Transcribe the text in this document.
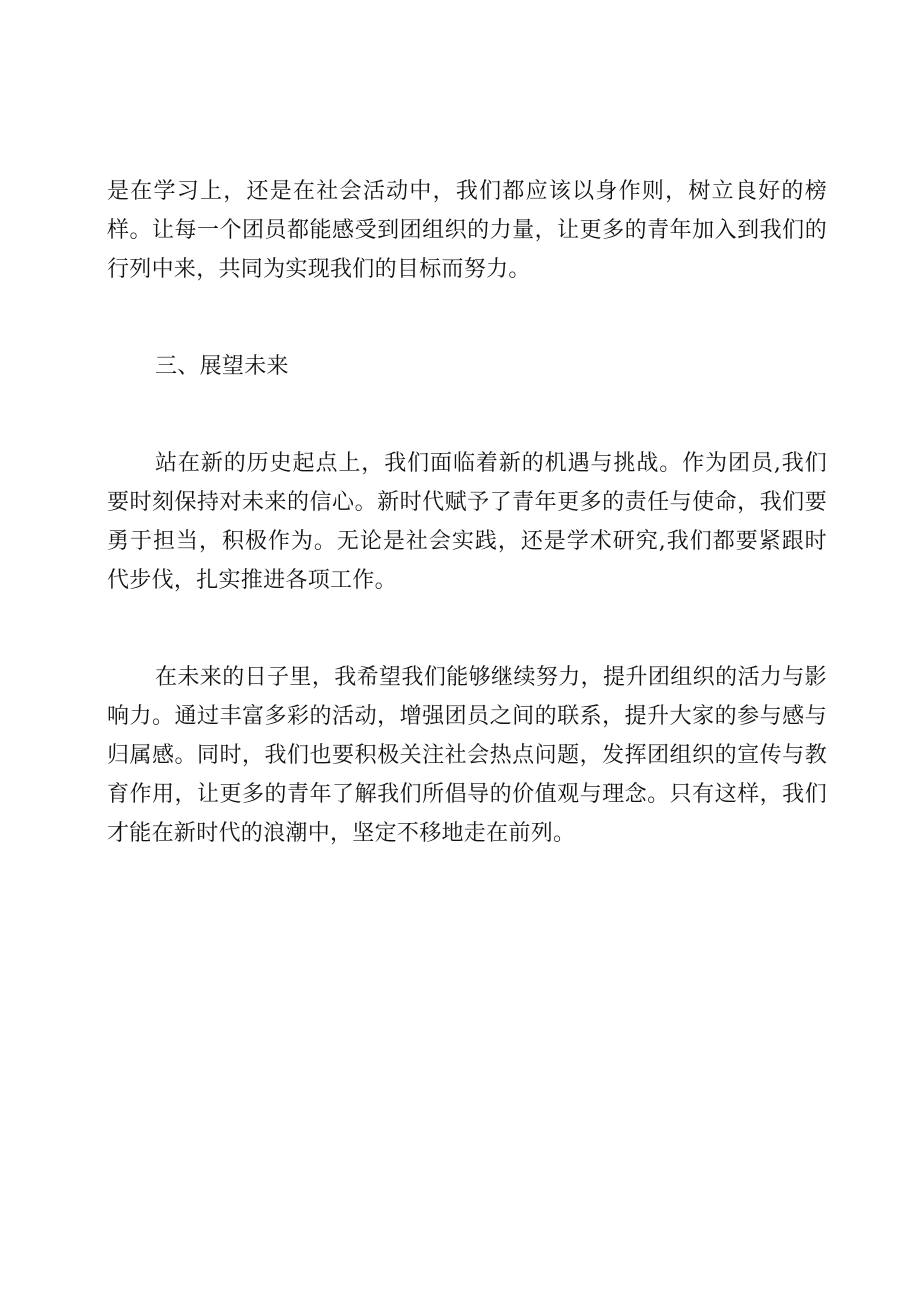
是在学习上，还是在社会活动中，我们都应该以身作则，树立良好的榜样。让每一个团员都能感受到团组织的力量，让更多的青年加入到我们的行列中来，共同为实现我们的目标而努力。

三、展望未来

站在新的历史起点上，我们面临着新的机遇与挑战。作为团员,我们要时刻保持对未来的信心。新时代赋予了青年更多的责任与使命，我们要勇于担当，积极作为。无论是社会实践，还是学术研究,我们都要紧跟时代步伐，扎实推进各项工作。

在未来的日子里，我希望我们能够继续努力，提升团组织的活力与影响力。通过丰富多彩的活动，增强团员之间的联系，提升大家的参与感与归属感。同时，我们也要积极关注社会热点问题，发挥团组织的宣传与教育作用，让更多的青年了解我们所倡导的价值观与理念。只有这样，我们才能在新时代的浪潮中，坚定不移地走在前列。
